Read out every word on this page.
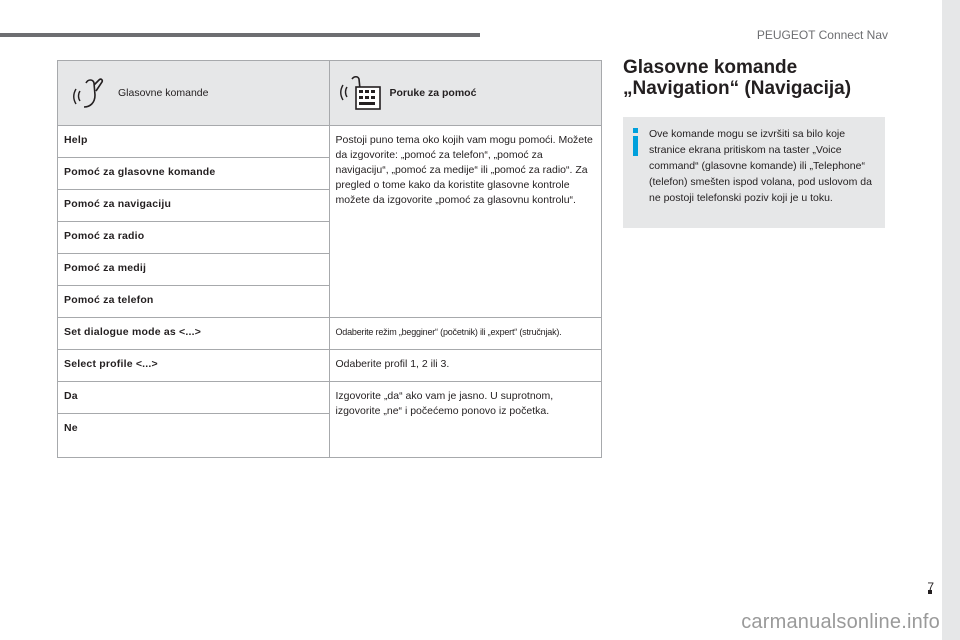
PEUGEOT Connect Nav
7
Glasovne komande	Poruke za pomoć

Help	Postoji puno tema oko kojih vam mogu pomoći. Možete da izgovorite: „pomoć za telefon“, „pomoć za navigaciju“, „pomoć za medije“ ili „pomoć za radio“. Za pregled o tome kako da koristite glasovne kontrole možete da izgovorite „pomoć za glasovnu kontrolu“.
Pomoć za glasovne komande	
Pomoć za navigaciju	
Pomoć za radio	
Pomoć za medij	
Pomoć za telefon	
Set dialogue mode as <...>	Odaberite režim „begginer“ (početnik) ili „expert“ (stručnjak).
Select profile <...>	Odaberite profil 1, 2 ili 3.
Da	Izgovorite „da“ ako vam je jasno. U suprotnom, izgovorite „ne“ i počećemo ponovo iz početka.
Ne	
Glasovne komande
„Navigation“ (Navigacija)
Ove komande mogu se izvršiti sa bilo koje stranice ekrana pritiskom na taster „Voice command“ (glasovne komande) ili „Telephone“ (telefon) smešten ispod volana, pod uslovom da ne postoji telefonski poziv koji je u toku.
carmanualsonline.info
